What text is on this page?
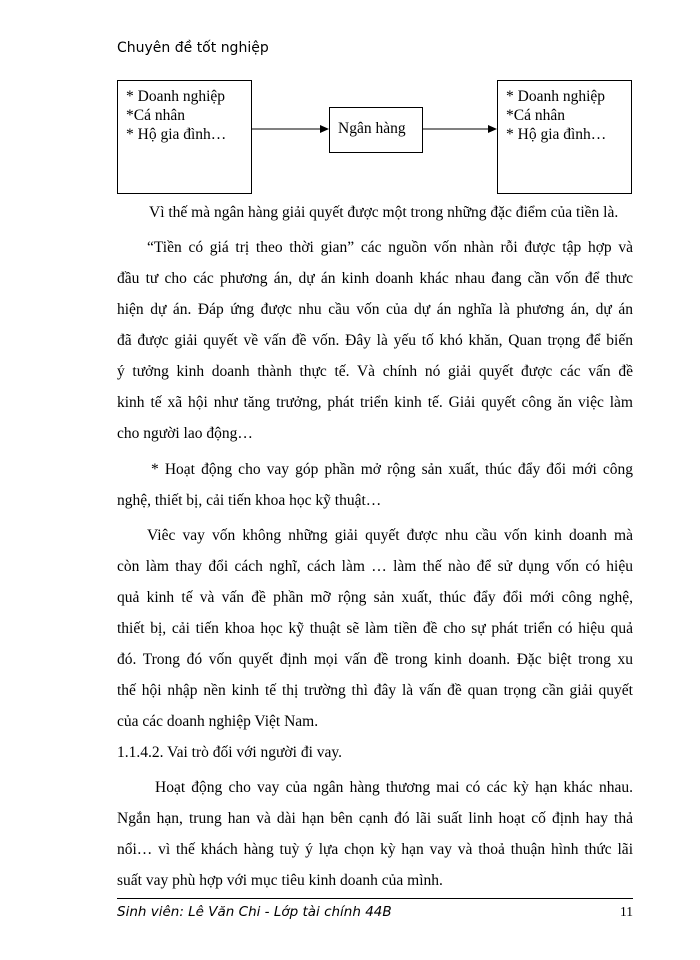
Chuyên đề tốt nghiệp
* Doanh nghiệp
*Cá nhân
* Hộ gia đình…	Ngân hàng
* Doanh nghiệp
*Cá nhân
* Hộ gia đình…
Vì thế mà ngân hàng giải quyết được một trong những đặc điểm của tiền là.
“Tiền có giá trị theo thời gian” các nguồn vốn nhàn rỗi được tập hợp và
đầu tư cho các phương án, dự án kinh doanh khác nhau đang cần vốn để thưc
hiện dự án. Đáp ứng được nhu cầu vốn của dự án nghĩa là phương án, dự án
đã được giải quyết về vấn đề vốn. Đây là yếu tố khó khăn, Quan trọng để biến
ý tưởng kinh doanh thành thực tế. Và chính nó giải quyết được các vấn đề
kinh tế xã hội như tăng trưởng, phát triển kinh tế. Giải quyết công ăn việc làm
cho người lao động…
* Hoạt động cho vay góp phần mở rộng sản xuất, thúc đẩy đổi mới công
nghệ, thiết bị, cải tiến khoa học kỹ thuật…
Viêc vay vốn không những giải quyết được nhu cầu vốn kinh doanh mà
còn làm thay đổi cách nghĩ, cách làm … làm thế nào để sử dụng vốn có hiệu
quả kinh tế và vấn đề phần mỡ rộng sản xuất, thúc đẩy đổi mới công nghệ,
thiết bị, cải tiến khoa học kỹ thuật sẽ làm tiền đề cho sự phát triển có hiệu quả
đó. Trong đó vốn quyết định mọi vấn đề trong kinh doanh. Đặc biệt trong xu
thế hội nhập nền kinh tế thị trường thì đây là vấn đề quan trọng cần giải quyết
của các doanh nghiệp Việt Nam.
1.1.4.2. Vai trò đối với người đi vay.
Hoạt động cho vay của ngân hàng thương mai có các kỳ hạn khác nhau.
Ngắn hạn, trung han và dài hạn bên cạnh đó lãi suất linh hoạt cố định hay thả
nổi… vì thế khách hàng tuỳ ý lựa chọn kỳ hạn vay và thoả thuận hình thức lãi
suất vay phù hợp với mục tiêu kinh doanh của mình.
Sinh viên: Lê Văn Chi - Lớp tài chính 44B	11
